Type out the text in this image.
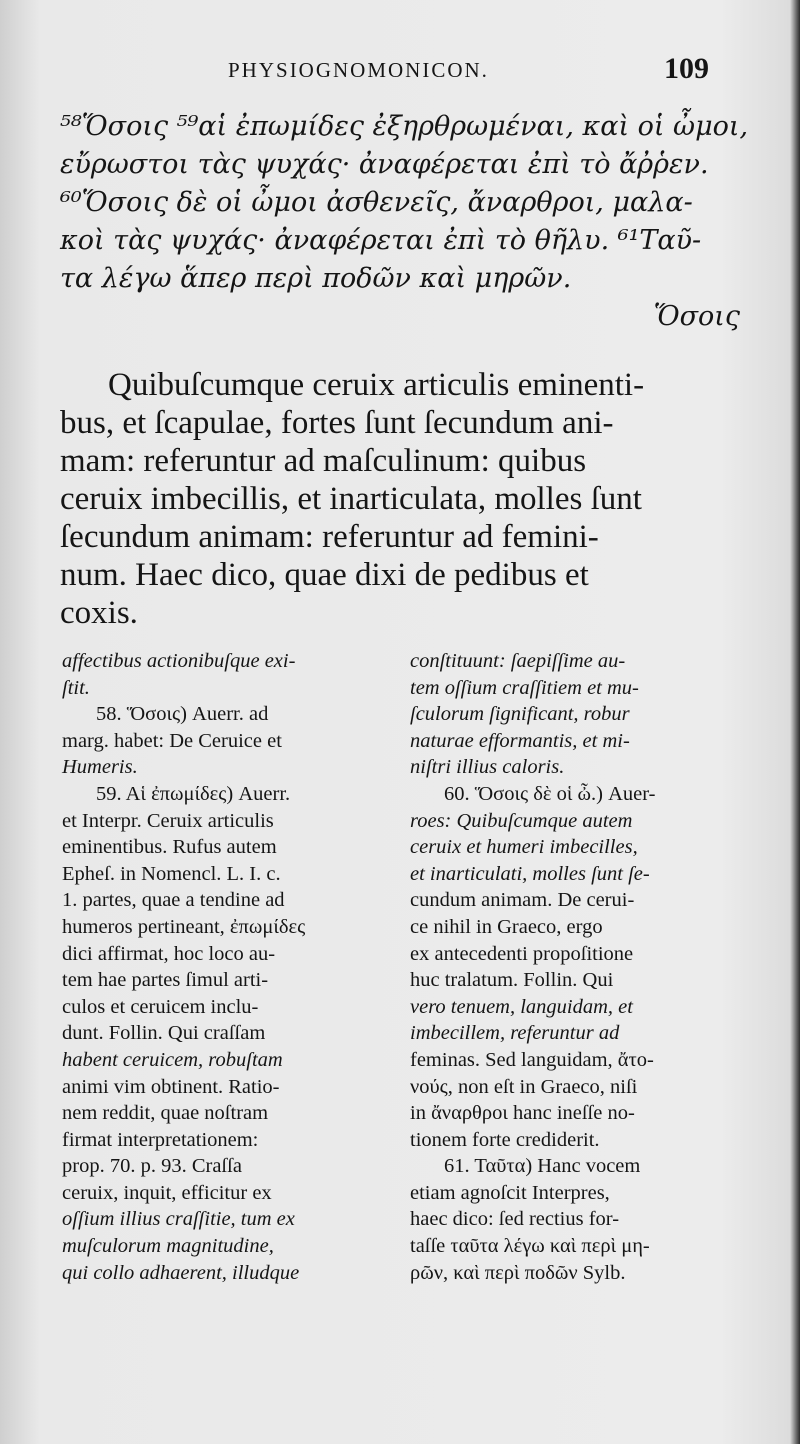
PHYSIOGNOMONICON.	109
⁵⁸Ὅσοις ⁵⁹αἱ ἐπωμίδες ἐξηρθρωμέναι, καὶ οἱ ὦμοι,
εὔρωστοι τὰς ψυχάς· ἀναφέρεται ἐπὶ τὸ ἄῤῥεν.
⁶⁰Ὅσοις δὲ οἱ ὦμοι ἀσθενεῖς, ἄναρθροι, μαλα-
κοὶ τὰς ψυχάς· ἀναφέρεται ἐπὶ τὸ θῆλυ. ⁶¹Ταῦ-
τα λέγω ἅπερ περὶ ποδῶν καὶ μηρῶν.
Ὅσοις
Quibuſcumque ceruix articulis eminenti-
bus, et ſcapulae, fortes ſunt ſecundum ani-
mam: referuntur ad maſculinum: quibus
ceruix imbecillis, et inarticulata, molles ſunt
ſecundum animam: referuntur ad femini-
num. Haec dico, quae dixi de pedibus et
coxis.
affectibus actionibuſque exi-
ſtit.
58. Ὅσοις) Auerr. ad
marg. habet: De Ceruice et
Humeris.
59. Αἱ ἐπωμίδες) Auerr.
et Interpr. Ceruix articulis
eminentibus. Rufus autem
Epheſ. in Nomencl. L. I. c.
1. partes, quae a tendine ad
humeros pertineant, ἐπωμίδες
dici affirmat, hoc loco au-
tem hae partes ſimul arti-
culos et ceruicem inclu-
dunt. Follin. Qui craſſam
habent ceruicem, robuſtam
animi vim obtinent. Ratio-
nem reddit, quae noſtram
firmat interpretationem:
prop. 70. p. 93. Craſſa
ceruix, inquit, efficitur ex
oſſium illius craſſitie, tum ex
muſculorum magnitudine,
qui collo adhaerent, illudque
conſtituunt: ſaepiſſime au-
tem oſſium craſſitiem et mu-
ſculorum ſignificant, robur
naturae efformantis, et mi-
niſtri illius caloris.
60. Ὅσοις δὲ οἱ ὦ.) Auer-
roes: Quibuſcumque autem
ceruix et humeri imbecilles,
et inarticulati, molles ſunt ſe-
cundum animam. De cerui-
ce nihil in Graeco, ergo
ex antecedenti propoſitione
huc tralatum. Follin. Qui
vero tenuem, languidam, et
imbecillem, referuntur ad
feminas. Sed languidam, ἄτο-
νούς, non eſt in Graeco, niſi
in ἄναρθροι hanc ineſſe no-
tionem forte crediderit.
61. Ταῦτα) Hanc vocem
etiam agnoſcit Interpres,
haec dico: ſed rectius for-
taſſe ταῦτα λέγω καὶ περὶ μη-
ρῶν, καὶ περὶ ποδῶν Sylb.
